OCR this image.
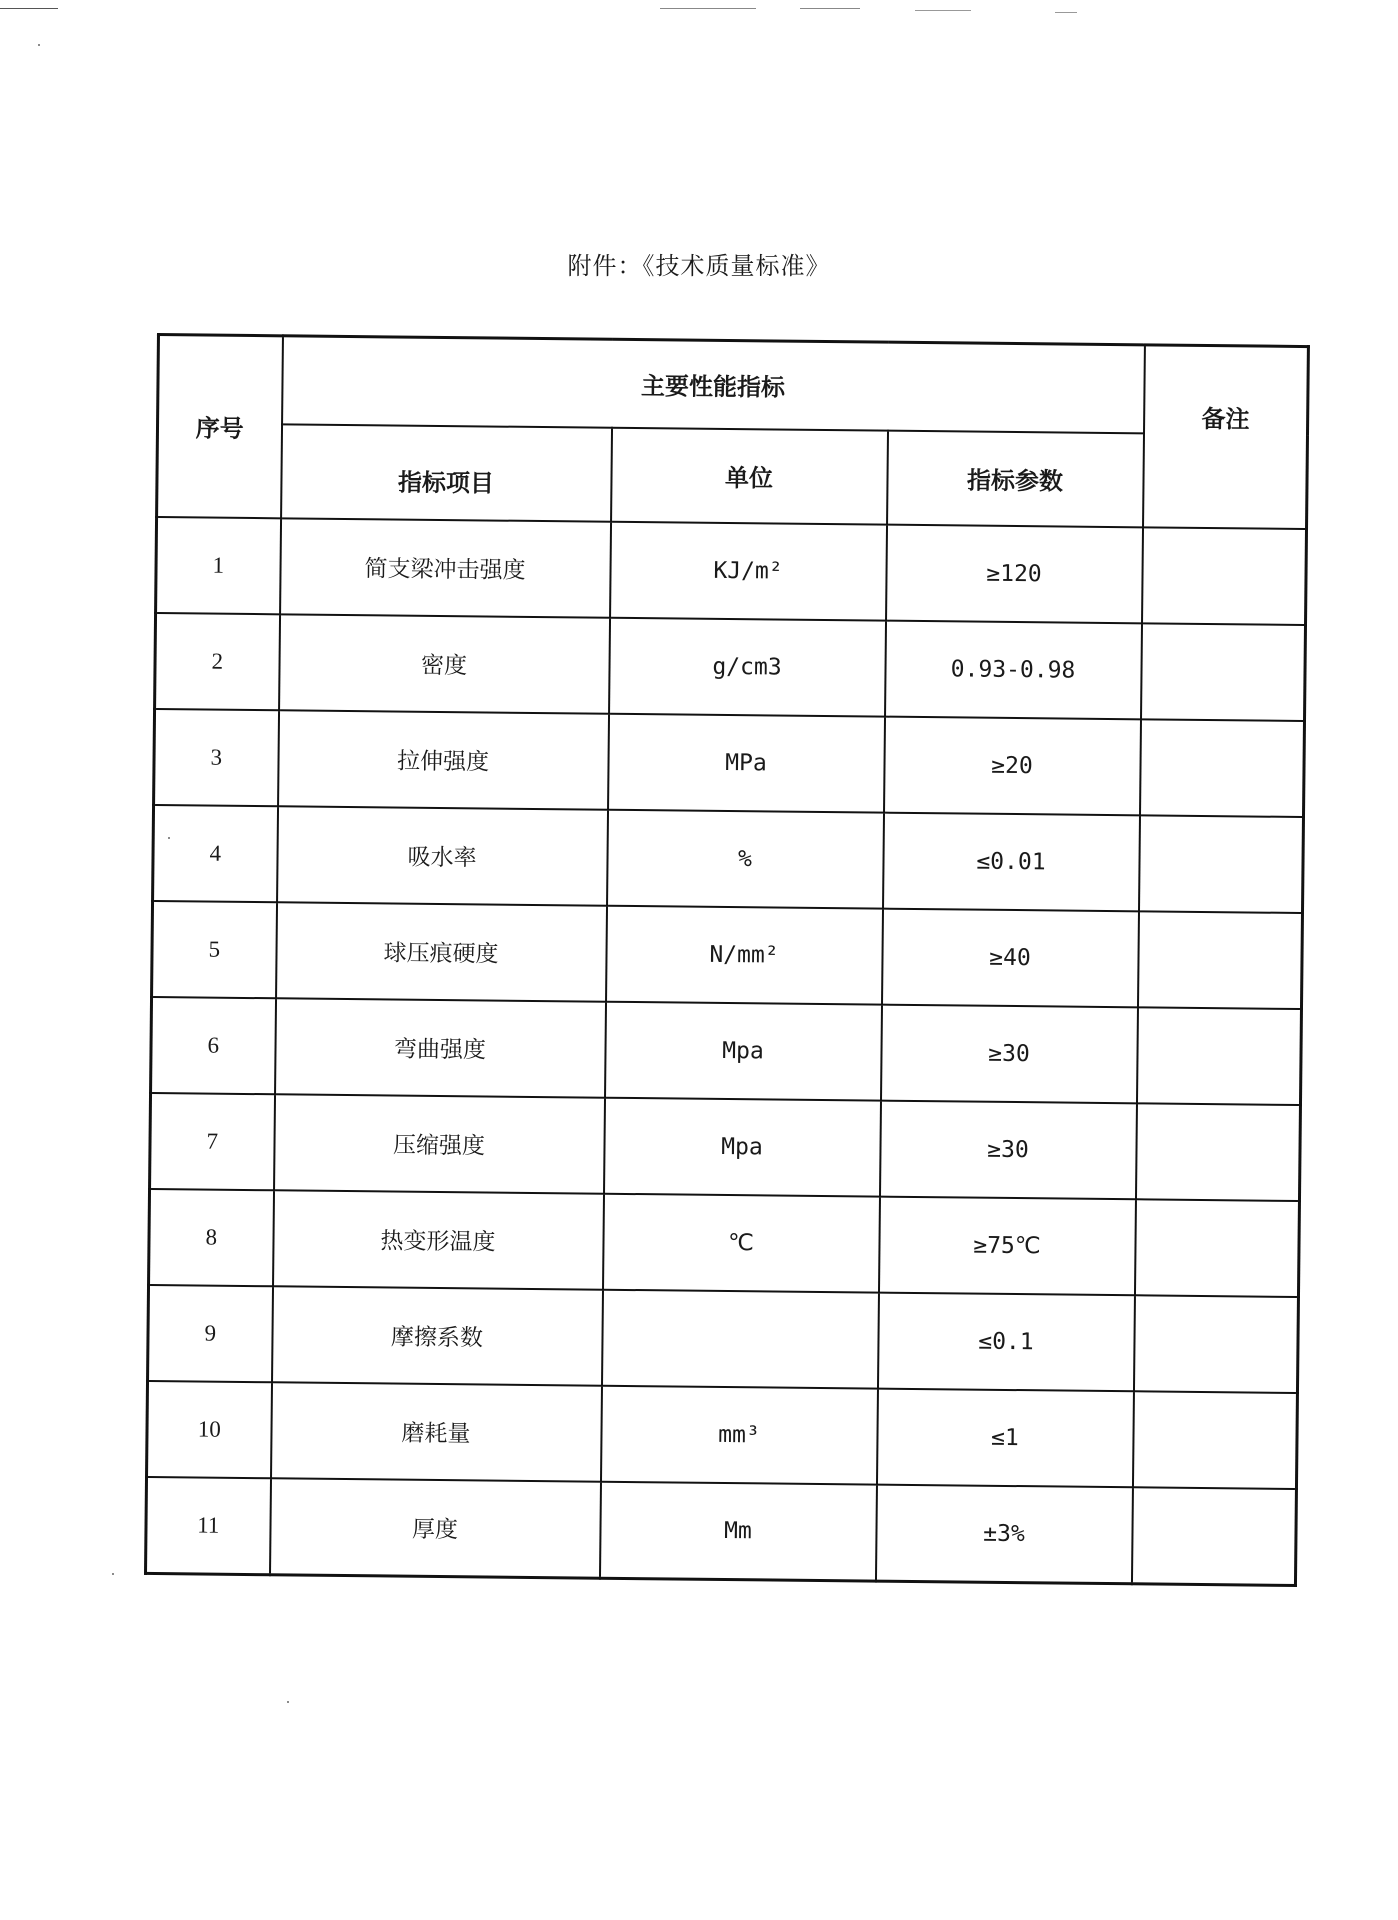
附件：《技术质量标准》
序号	主要性能指标			备注
	指标项目	单位	指标参数	
1	简支梁冲击强度	KJ/m²	≥120	
2	密度	g/cm3	0.93-0.98	
3	拉伸强度	MPa	≥20	
4	吸水率	%	≤0.01	
5	球压痕硬度	N/mm²	≥40	
6	弯曲强度	Mpa	≥30	
7	压缩强度	Mpa	≥30	
8	热变形温度	℃	≥75℃	
9	摩擦系数		≤0.1	
10	磨耗量	mm³	≤1	
11	厚度	Mm	±3%	
